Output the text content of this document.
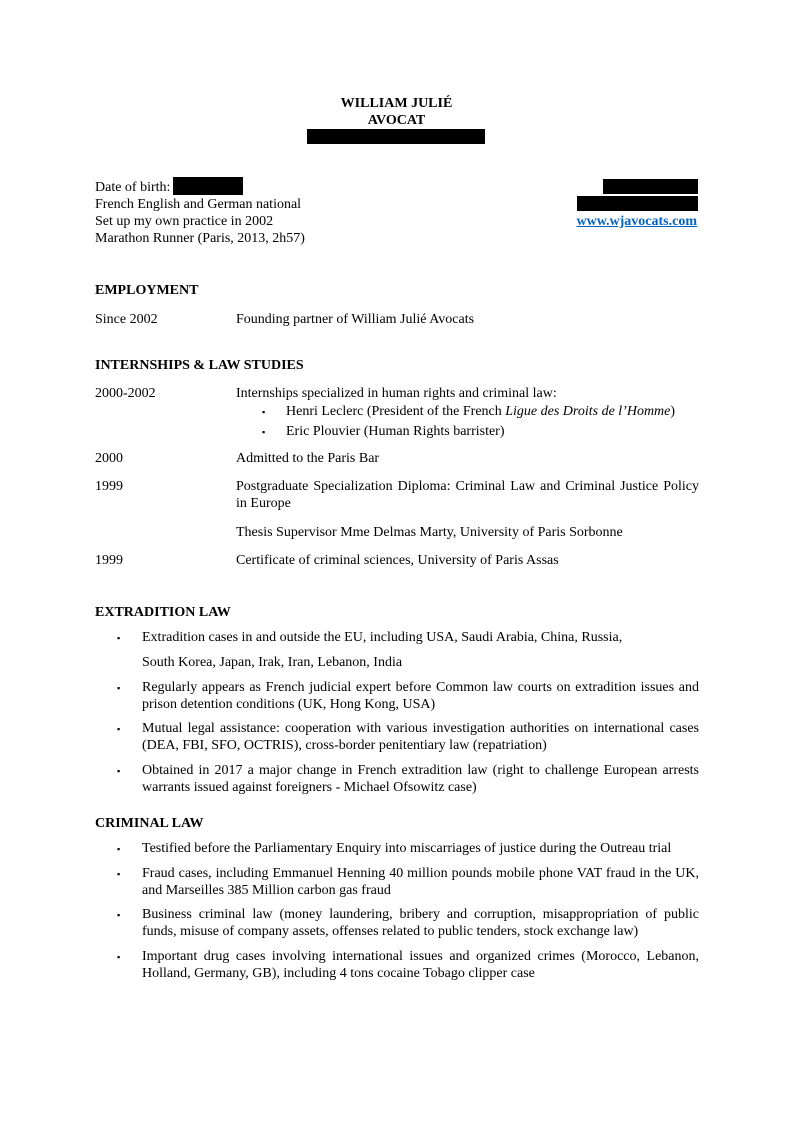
WILLIAM JULIÉ
AVOCAT
Date of birth:
French English and German national
Set up my own practice in 2002
Marathon Runner (Paris, 2013, 2h57)
www.wjavocats.com
EMPLOYMENT
Since 2002	Founding partner of William Julié Avocats
INTERNSHIPS & LAW STUDIES
2000-2002	Internships specialized in human rights and criminal law:
▪ Henri Leclerc (President of the French Ligue des Droits de l’Homme)
▪ Eric Plouvier (Human Rights barrister)
2000	Admitted to the Paris Bar
1999	Postgraduate Specialization Diploma: Criminal Law and Criminal Justice Policy in Europe
Thesis Supervisor Mme Delmas Marty, University of Paris Sorbonne
1999	Certificate of criminal sciences, University of Paris Assas
EXTRADITION LAW
▪ Extradition cases in and outside the EU, including USA, Saudi Arabia, China, Russia,
South Korea, Japan, Irak, Iran, Lebanon, India
▪ Regularly appears as French judicial expert before Common law courts on extradition issues and prison detention conditions (UK, Hong Kong, USA)
▪ Mutual legal assistance: cooperation with various investigation authorities on international cases (DEA, FBI, SFO, OCTRIS), cross-border penitentiary law (repatriation)
▪ Obtained in 2017 a major change in French extradition law (right to challenge European arrests warrants issued against foreigners - Michael Ofsowitz case)
CRIMINAL LAW
▪ Testified before the Parliamentary Enquiry into miscarriages of justice during the Outreau trial
▪ Fraud cases, including Emmanuel Henning 40 million pounds mobile phone VAT fraud in the UK, and Marseilles 385 Million carbon gas fraud
▪ Business criminal law (money laundering, bribery and corruption, misappropriation of public funds, misuse of company assets, offenses related to public tenders, stock exchange law)
▪ Important drug cases involving international issues and organized crimes (Morocco, Lebanon, Holland, Germany, GB), including 4 tons cocaine Tobago clipper case
